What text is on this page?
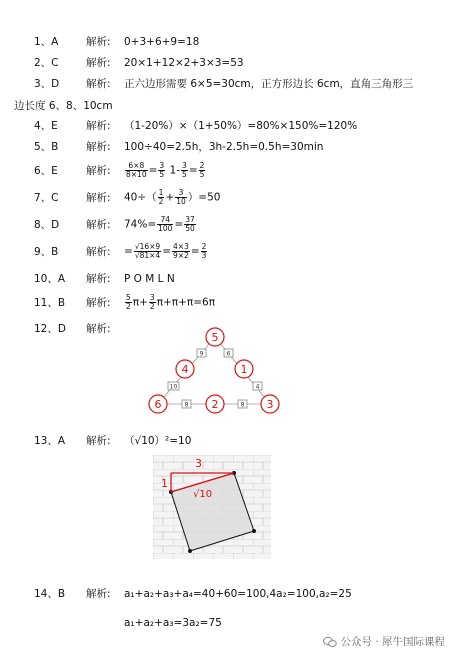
1、A	解析: 0+3+6+9=18
2、C	解析: 20×1+12×2+3×3=53
3、D	解析: 正六边形需要 6×5=30cm，正方形边长 6cm，直角三角形三
边长度 6、8、10cm
4、E	解析: （1-20%）×（1+50%）=80%×150%=120%
5、B	解析: 100÷40=2.5h，3h-2.5h=0.5h=30min
6、E	解析: $\frac{6\times 8}{8\times 10} = \frac{3}{5} 1- \frac{3}{5} = \frac{2}{5}$
7、C	解析: $40\div( \frac{1}{2} + \frac{3}{10} )=50$
8、D	解析: $74\%= \frac{74}{100} = \frac{37}{50}$
9、B	解析: = $\frac{√16\times 9}{√81\times 4} = \frac{4\times 3}{9\times 2} = \frac{2}{3}$
10、A 解析: P O M L N
11、B 解析: $\frac{5}{2} \pi+ \frac{3}{2} \pi+\pi+\pi=6\pi$
12、D 解析:
5
4	1
6	2	3
9	6
10	4
8	8
13、A 解析: （√10）²=10
3
1
√10
14、B 解析: a₁+a₂+a₃+a₄=40+60=100,4a₂=100,a₂=25
a₁+a₂+a₃=3a₂=75
公众号 · 犀牛国际课程
